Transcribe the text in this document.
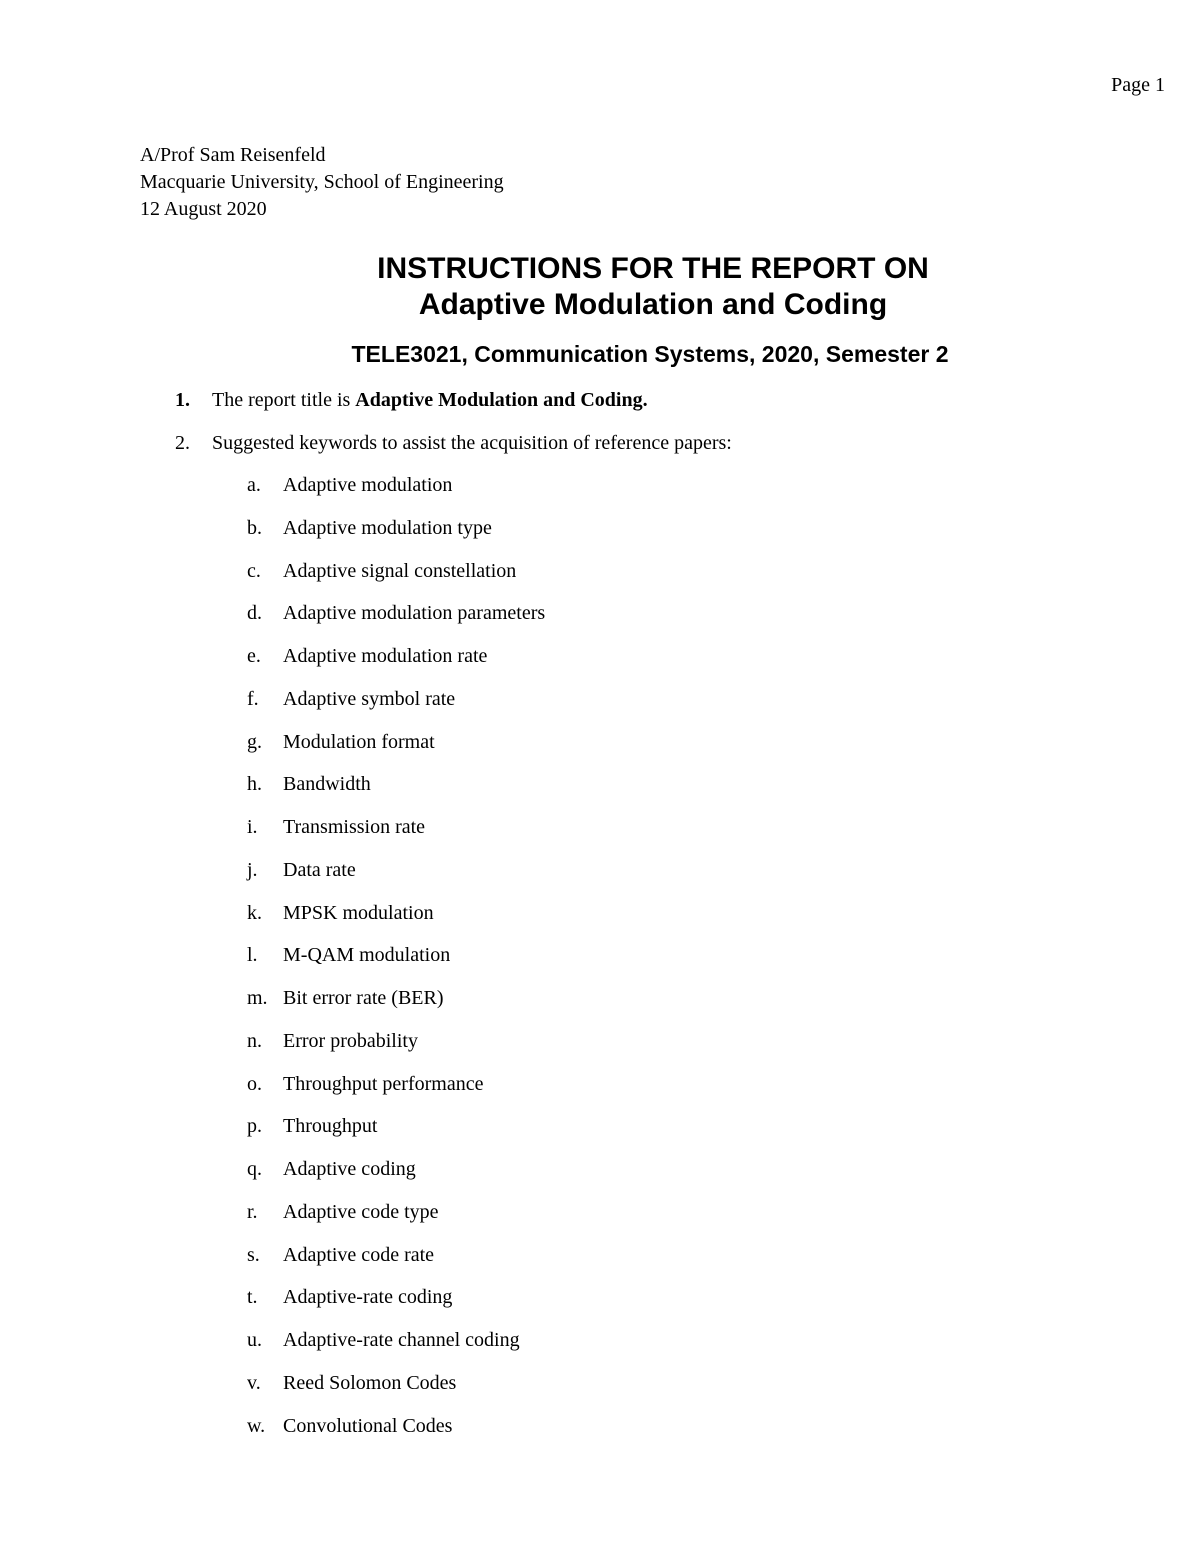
Page 1
A/Prof Sam Reisenfeld
Macquarie University, School of Engineering
12 August 2020
INSTRUCTIONS FOR THE REPORT ON
Adaptive Modulation and Coding
TELE3021, Communication Systems, 2020, Semester 2
1. The report title is Adaptive Modulation and Coding.
2. Suggested keywords to assist the acquisition of reference papers:
a. Adaptive modulation
b. Adaptive modulation type
c. Adaptive signal constellation
d. Adaptive modulation parameters
e. Adaptive modulation rate
f. Adaptive symbol rate
g. Modulation format
h. Bandwidth
i. Transmission rate
j. Data rate
k. MPSK modulation
l. M-QAM modulation
m. Bit error rate (BER)
n. Error probability
o. Throughput performance
p. Throughput
q. Adaptive coding
r. Adaptive code type
s. Adaptive code rate
t. Adaptive-rate coding
u. Adaptive-rate channel coding
v. Reed Solomon Codes
w. Convolutional Codes
